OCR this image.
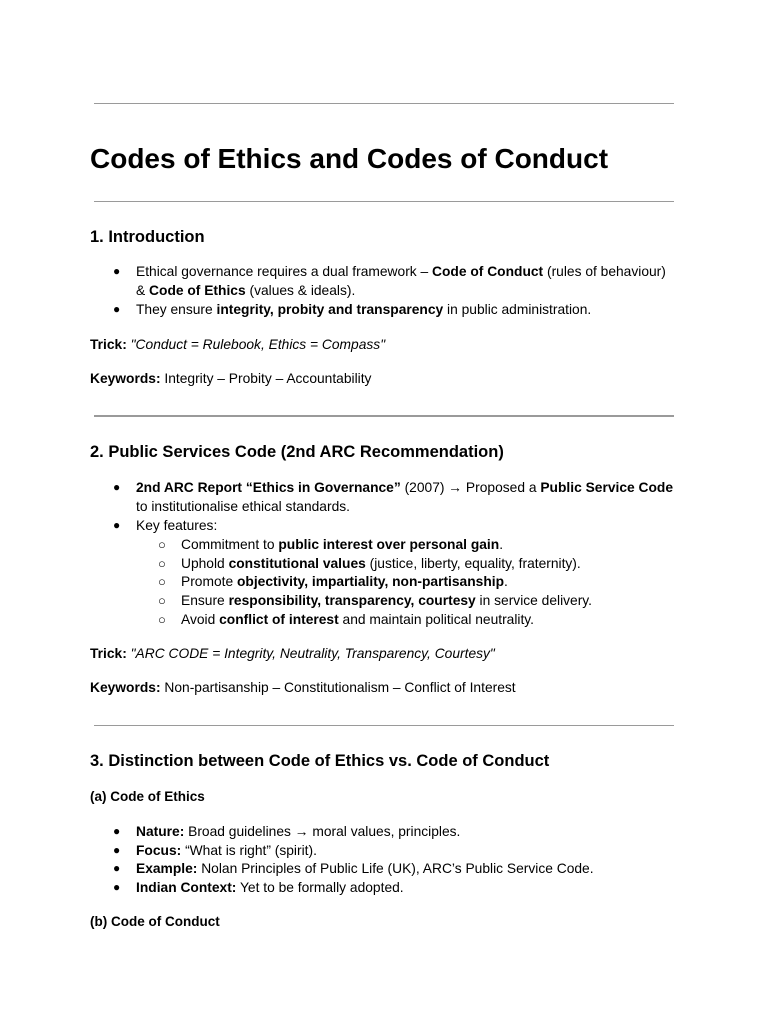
Codes of Ethics and Codes of Conduct
1. Introduction
● Ethical governance requires a dual framework – Code of Conduct (rules of behaviour)
& Code of Ethics (values & ideals).
● They ensure integrity, probity and transparency in public administration.
Trick: "Conduct = Rulebook, Ethics = Compass"
Keywords: Integrity – Probity – Accountability
2. Public Services Code (2nd ARC Recommendation)
● 2nd ARC Report “Ethics in Governance” (2007) → Proposed a Public Service Code
to institutionalise ethical standards.
● Key features:
○ Commitment to public interest over personal gain.
○ Uphold constitutional values (justice, liberty, equality, fraternity).
○ Promote objectivity, impartiality, non-partisanship.
○ Ensure responsibility, transparency, courtesy in service delivery.
○ Avoid conflict of interest and maintain political neutrality.
Trick: "ARC CODE = Integrity, Neutrality, Transparency, Courtesy"
Keywords: Non-partisanship – Constitutionalism – Conflict of Interest
3. Distinction between Code of Ethics vs. Code of Conduct
(a) Code of Ethics
● Nature: Broad guidelines → moral values, principles.
● Focus: “What is right” (spirit).
● Example: Nolan Principles of Public Life (UK), ARC’s Public Service Code.
● Indian Context: Yet to be formally adopted.
(b) Code of Conduct
